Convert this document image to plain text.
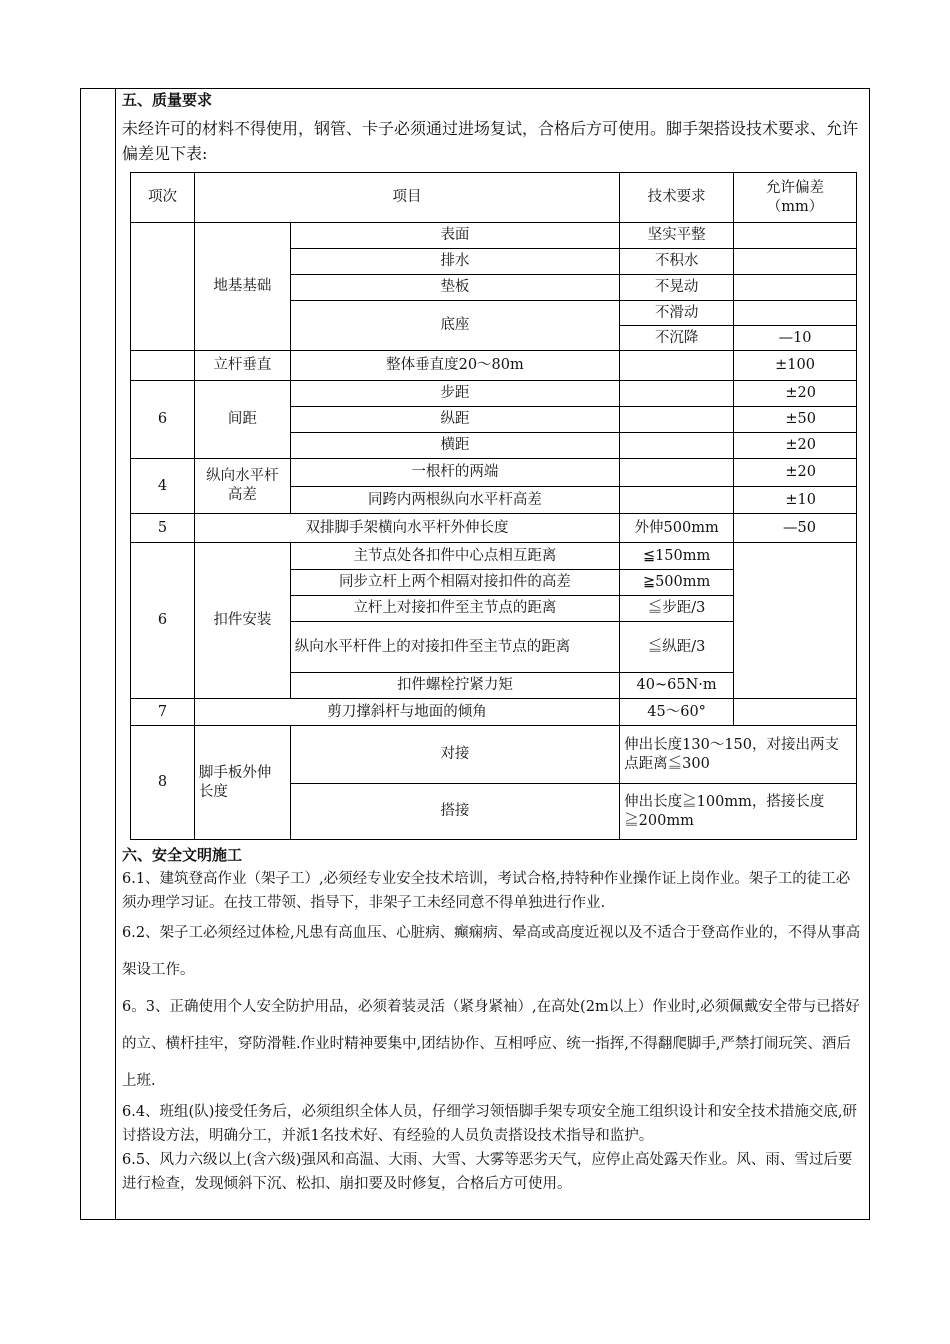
五、质量要求

未经许可的材料不得使用，钢管、卡子必须通过进场复试，合格后方可使用。脚手架搭设技术要求、允许偏差见下表:

项次	项目		技术要求	允许偏差
（mm）
	地基基础	表面	坚实平整	
		排水	不积水	
		垫板	不晃动	
		底座	不滑动	
			不沉降	—10
	立杆垂直	整体垂直度20～80m		±100
6	间距	步距		±20
		纵距		±50
		横距		±20
4	纵向水平杆高差	一根杆的两端		±20
		同跨内两根纵向水平杆高差		±10
5	双排脚手架横向水平杆外伸长度		外伸500mm	—50
6	扣件安装	主节点处各扣件中心点相互距离	≦150mm	
		同步立杆上两个相隔对接扣件的高差	≧500mm	
		立杆上对接扣件至主节点的距离	≦步距/3	
		纵向水平杆件上的对接扣件至主节点的距离	≦纵距/3	
		扣件螺栓拧紧力矩	40~65N·m	
7	剪刀撑斜杆与地面的倾角		45～60°	
8	脚手板外伸长度	对接	伸出长度130～150，对接出两支点距离≦300	
		搭接	伸出长度≧100mm，搭接长度≧200mm	
六、安全文明施工

6.1、建筑登高作业（架子工）,必须经专业安全技术培训，考试合格,持特种作业操作证上岗作业。架子工的徒工必须办理学习证。在技工带领、指导下，非架子工未经同意不得单独进行作业.

6.2、架子工必须经过体检,凡患有高血压、心脏病、癫痫病、晕高或高度近视以及不适合于登高作业的，不得从事高架设工作。

6。3、正确使用个人安全防护用品，必须着装灵活（紧身紧袖）,在高处(2m以上）作业时,必须佩戴安全带与已搭好的立、横杆挂牢，穿防滑鞋.作业时精神要集中,团结协作、互相呼应、统一指挥,不得翻爬脚手,严禁打闹玩笑、酒后上班.

6.4、班组(队)接受任务后，必须组织全体人员，仔细学习领悟脚手架专项安全施工组织设计和安全技术措施交底,研讨搭设方法，明确分工，并派1名技术好、有经验的人员负责搭设技术指导和监护。

6.5、风力六级以上(含六级)强风和高温、大雨、大雪、大雾等恶劣天气，应停止高处露天作业。风、雨、雪过后要进行检查，发现倾斜下沉、松扣、崩扣要及时修复，合格后方可使用。
